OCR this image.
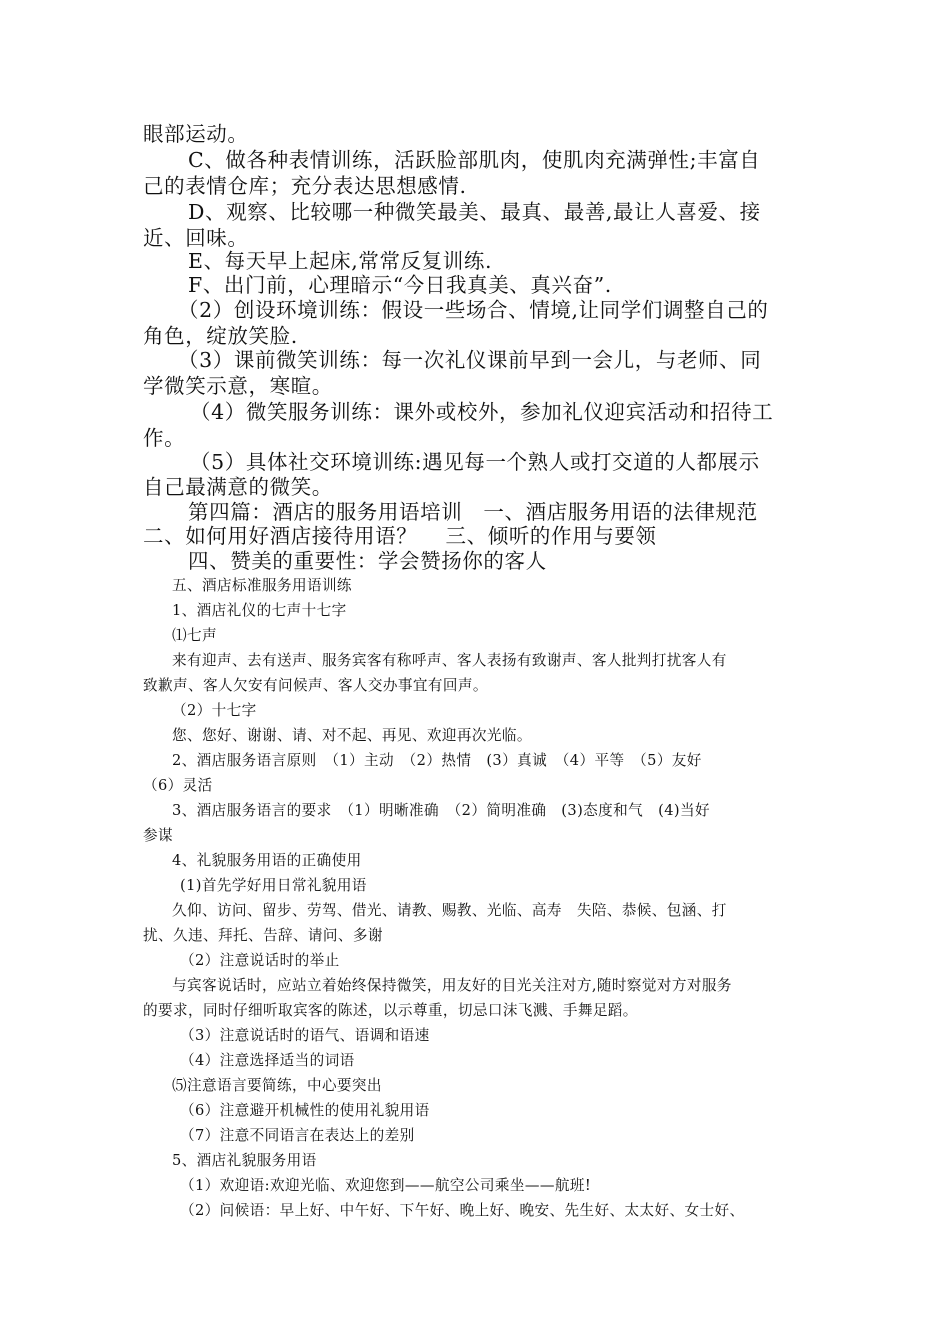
眼部运动。
C、做各种表情训练，活跃脸部肌肉，使肌肉充满弹性;丰富自
己的表情仓库；充分表达思想感情.
D、观察、比较哪一种微笑最美、最真、最善,最让人喜爱、接
近、回味。
E、每天早上起床,常常反复训练.
F、出门前，心理暗示“今日我真美、真兴奋”.
（2）创设环境训练：假设一些场合、情境,让同学们调整自己的
角色，绽放笑脸.
（3）课前微笑训练：每一次礼仪课前早到一会儿，与老师、同
学微笑示意，寒暄。
（4）微笑服务训练：课外或校外，参加礼仪迎宾活动和招待工
作。
（5）具体社交环境训练:遇见每一个熟人或打交道的人都展示
自己最满意的微笑。
第四篇：酒店的服务用语培训　一、酒店服务用语的法律规范
二、如何用好酒店接待用语？　 三、倾听的作用与要领
四、赞美的重要性：学会赞扬你的客人
五、酒店标准服务用语训练
1、酒店礼仪的七声十七字
⑴七声
来有迎声、去有送声、服务宾客有称呼声、客人表扬有致谢声、客人批判打扰客人有
致歉声、客人欠安有问候声、客人交办事宜有回声。
（2）十七字
您、您好、谢谢、请、对不起、再见、欢迎再次光临。
2、酒店服务语言原则　（1）主动　（2）热情　(3）真诚　（4）平等　（5）友好
（6）灵活
3、酒店服务语言的要求　（1）明晰准确　（2）简明准确　(3)态度和气　(4)当好
参谋
4、礼貌服务用语的正确使用
(1)首先学好用日常礼貌用语
久仰、访问、留步、劳驾、借光、请教、赐教、光临、高寿　失陪、恭候、包涵、打
扰、久违、拜托、告辞、请问、多谢
（2）注意说话时的举止
与宾客说话时，应站立着始终保持微笑，用友好的目光关注对方,随时察觉对方对服务
的要求，同时仔细听取宾客的陈述，以示尊重，切忌口沫飞溅、手舞足蹈。
（3）注意说话时的语气、语调和语速
（4）注意选择适当的词语
⑸注意语言要简练，中心要突出
（6）注意避开机械性的使用礼貌用语
（7）注意不同语言在表达上的差别
5、酒店礼貌服务用语
（1）欢迎语:欢迎光临、欢迎您到——航空公司乘坐——航班!
（2）问候语：早上好、中午好、下午好、晚上好、晚安、先生好、太太好、女士好、
